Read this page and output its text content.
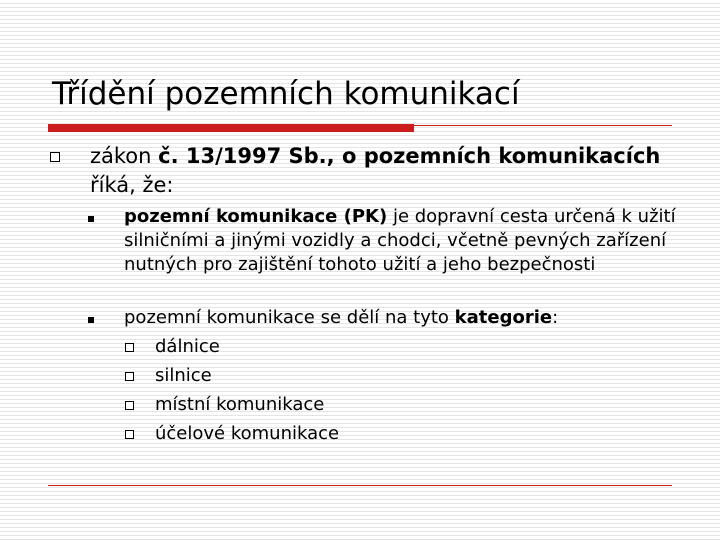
Třídění pozemních komunikací
zákon č. 13/1997 Sb., o pozemních komunikacích říká, že:
pozemní komunikace (PK) je dopravní cesta určená k užití silničními a jinými vozidly a chodci, včetně pevných zařízení nutných pro zajištění tohoto užití a jeho bezpečnosti
pozemní komunikace se dělí na tyto kategorie:
dálnice
silnice
místní komunikace
účelové komunikace
